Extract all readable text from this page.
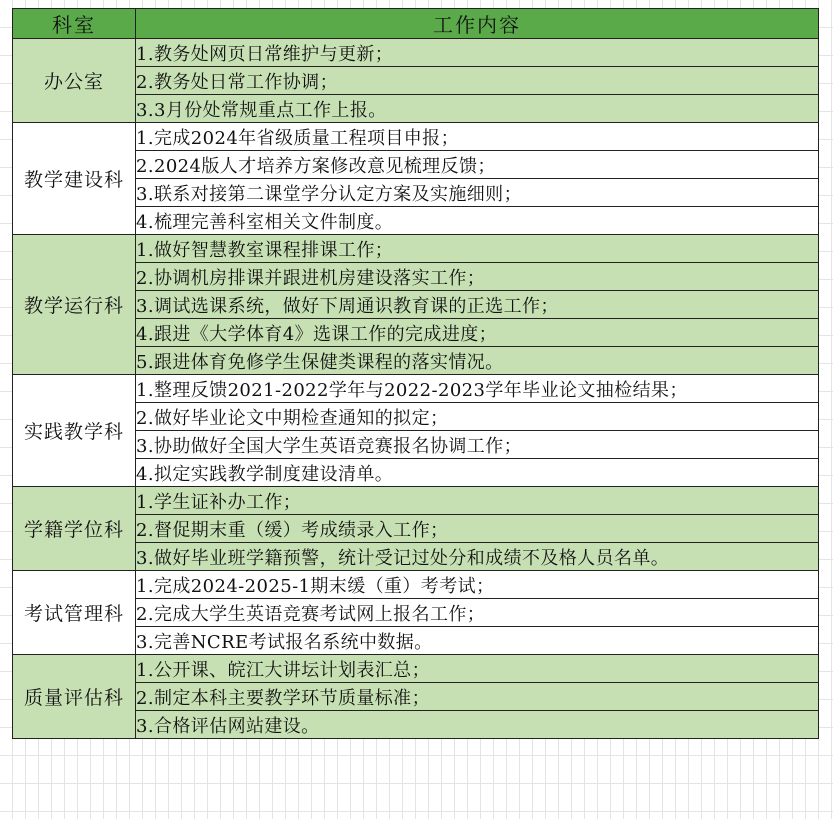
科室	工作内容
办公室	1.教务处网页日常维护与更新；
	2.教务处日常工作协调；
	3.3月份处常规重点工作上报。
教学建设科	1.完成2024年省级质量工程项目申报；
	2.2024版人才培养方案修改意见梳理反馈；
	3.联系对接第二课堂学分认定方案及实施细则；
	4.梳理完善科室相关文件制度。
教学运行科	1.做好智慧教室课程排课工作；
	2.协调机房排课并跟进机房建设落实工作；
	3.调试选课系统，做好下周通识教育课的正选工作；
	4.跟进《大学体育4》选课工作的完成进度；
	5.跟进体育免修学生保健类课程的落实情况。
实践教学科	1.整理反馈2021-2022学年与2022-2023学年毕业论文抽检结果；
	2.做好毕业论文中期检查通知的拟定；
	3.协助做好全国大学生英语竞赛报名协调工作；
	4.拟定实践教学制度建设清单。
学籍学位科	1.学生证补办工作；
	2.督促期末重（缓）考成绩录入工作；
	3.做好毕业班学籍预警，统计受记过处分和成绩不及格人员名单。
考试管理科	1.完成2024-2025-1期末缓（重）考考试；
	2.完成大学生英语竞赛考试网上报名工作；
	3.完善NCRE考试报名系统中数据。
质量评估科	1.公开课、皖江大讲坛计划表汇总；
	2.制定本科主要教学环节质量标准；
	3.合格评估网站建设。
